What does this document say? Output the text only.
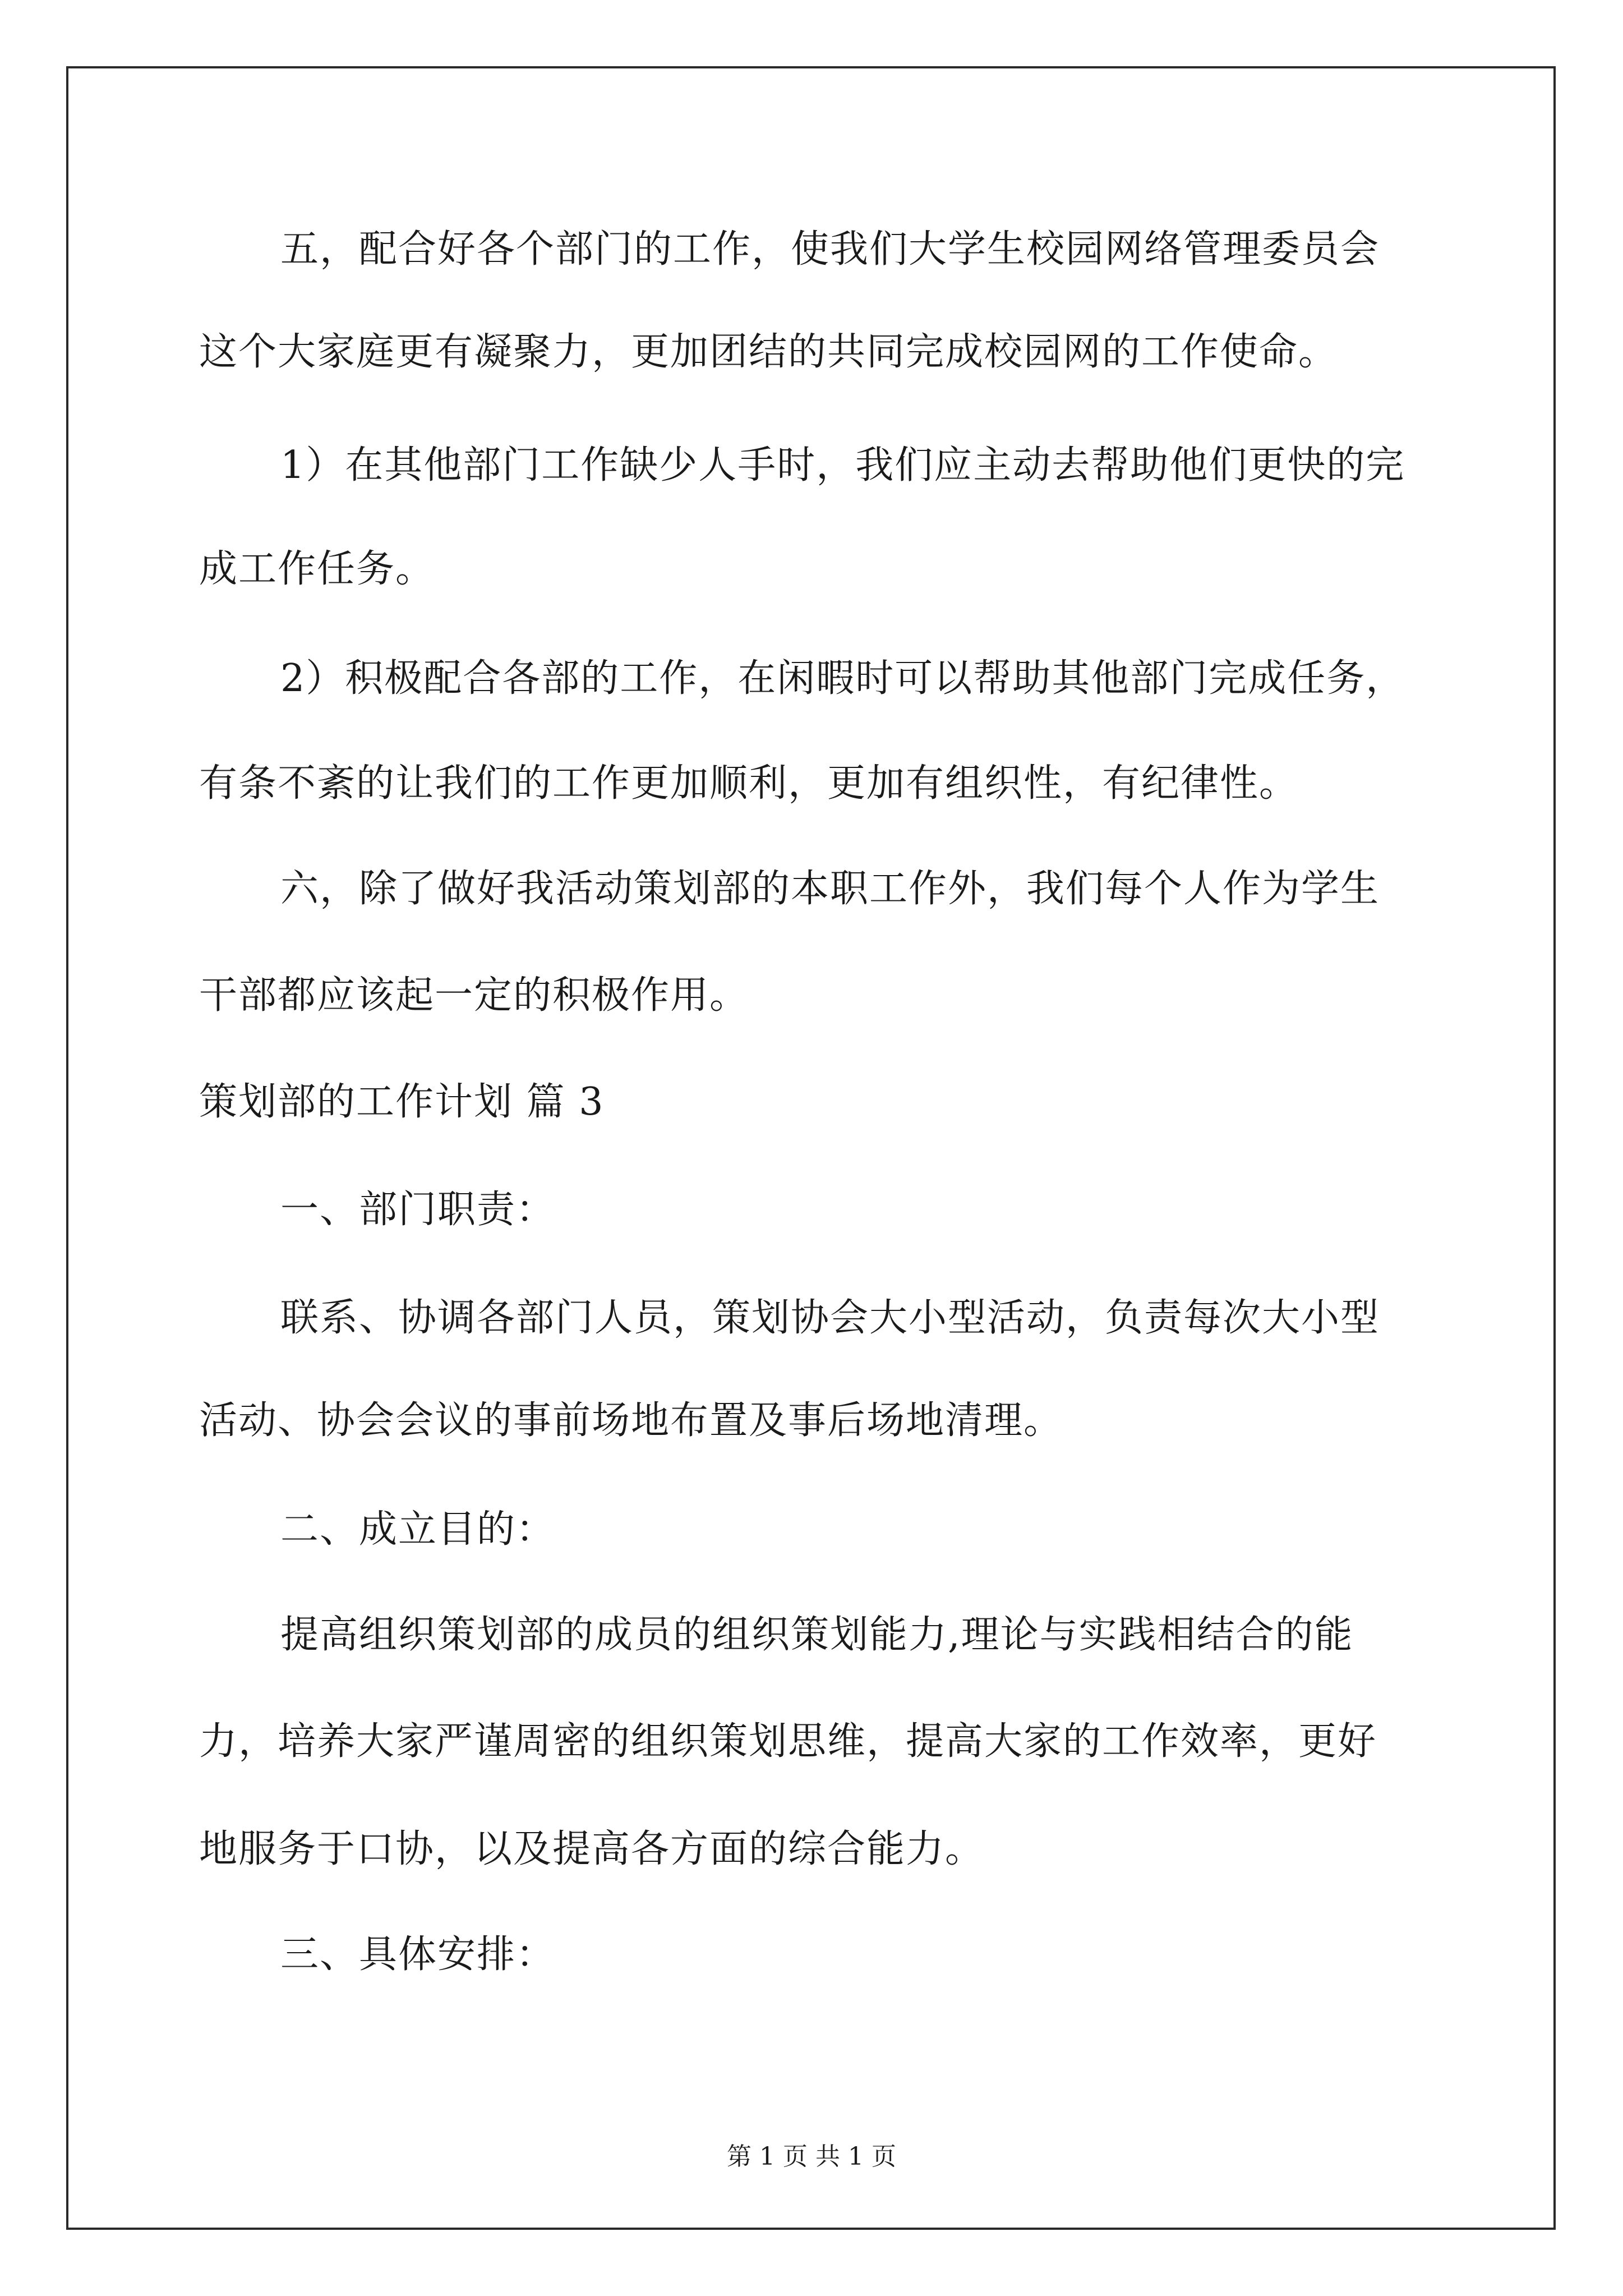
五，配合好各个部门的工作，使我们大学生校园网络管理委员会
这个大家庭更有凝聚力，更加团结的共同完成校园网的工作使命。
1）在其他部门工作缺少人手时，我们应主动去帮助他们更快的完
成工作任务。
2）积极配合各部的工作，在闲暇时可以帮助其他部门完成任务，
有条不紊的让我们的工作更加顺利，更加有组织性，有纪律性。
六，除了做好我活动策划部的本职工作外，我们每个人作为学生
干部都应该起一定的积极作用。
策划部的工作计划 篇 3
一、部门职责：
联系、协调各部门人员，策划协会大小型活动，负责每次大小型
活动、协会会议的事前场地布置及事后场地清理。
二、成立目的：
提高组织策划部的成员的组织策划能力,理论与实践相结合的能
力，培养大家严谨周密的组织策划思维，提高大家的工作效率，更好
地服务于口协，以及提高各方面的综合能力。
三、具体安排：
第 1 页 共 1 页
